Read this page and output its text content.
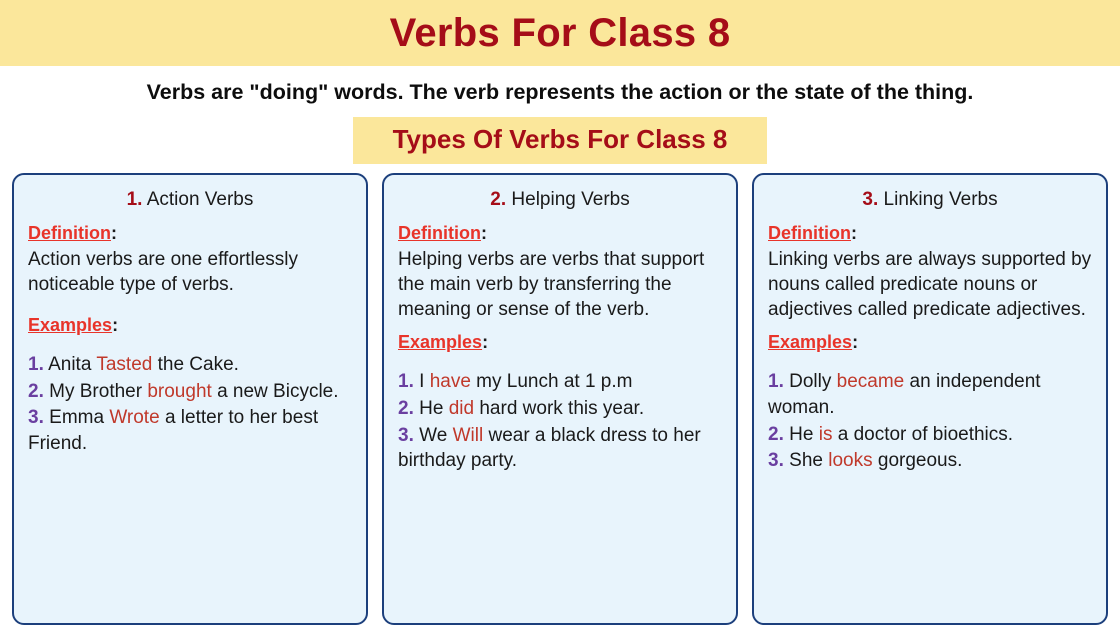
Verbs For Class 8
Verbs are "doing" words. The verb represents the action or the state of the thing.
Types Of Verbs For Class 8
1. Action Verbs
Definition:
Action verbs are one effortlessly noticeable type of verbs.
Examples:
1. Anita Tasted the Cake.
2. My Brother brought a new Bicycle.
3. Emma Wrote a letter to her best Friend.
2. Helping Verbs
Definition:
Helping verbs are verbs that support the main verb by transferring the meaning or sense of the verb.
Examples:
1. I have my Lunch at 1 p.m
2. He did hard work this year.
3. We Will wear a black dress to her birthday party.
3. Linking Verbs
Definition:
Linking verbs are always supported by nouns called predicate nouns or adjectives called predicate adjectives.
Examples:
1. Dolly became an independent woman.
2. He is a doctor of bioethics.
3. She looks gorgeous.
